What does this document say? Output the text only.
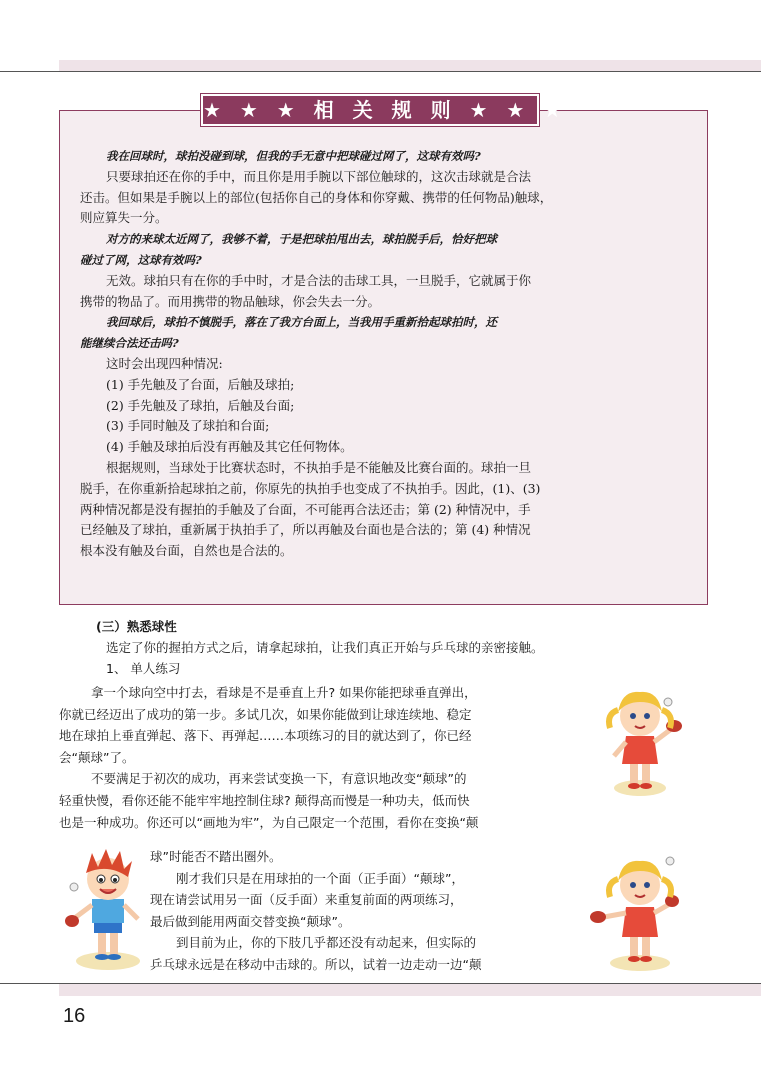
★ ★ ★ 相 关 规 则 ★ ★ ★
我在回球时，球拍没碰到球，但我的手无意中把球碰过网了，这球有效吗?
只要球拍还在你的手中，而且你是用手腕以下部位触球的，这次击球就是合法
还击。但如果是手腕以上的部位(包括你自己的身体和你穿戴、携带的任何物品)触球，
则应算失一分。
对方的来球太近网了，我够不着，于是把球拍甩出去，球拍脱手后，恰好把球
碰过了网，这球有效吗?
无效。球拍只有在你的手中时，才是合法的击球工具，一旦脱手，它就属于你
携带的物品了。而用携带的物品触球，你会失去一分。
我回球后，球拍不慎脱手，落在了我方台面上，当我用手重新拾起球拍时，还
能继续合法还击吗?
这时会出现四种情况:
(1) 手先触及了台面，后触及球拍;
(2) 手先触及了球拍，后触及台面;
(3) 手同时触及了球拍和台面;
(4) 手触及球拍后没有再触及其它任何物体。
根据规则，当球处于比赛状态时，不执拍手是不能触及比赛台面的。球拍一旦
脱手，在你重新拾起球拍之前，你原先的执拍手也变成了不执拍手。因此，(1)、(3)
两种情况都是没有握拍的手触及了台面，不可能再合法还击；第 (2) 种情况中，手
已经触及了球拍，重新属于执拍手了，所以再触及台面也是合法的；第 (4) 种情况
根本没有触及台面，自然也是合法的。
(三）熟悉球性
选定了你的握拍方式之后，请拿起球拍，让我们真正开始与乒乓球的亲密接触。
1、 单人练习
拿一个球向空中打去，看球是不是垂直上升? 如果你能把球垂直弹出，
你就已经迈出了成功的第一步。多试几次，如果你能做到让球连续地、稳定
地在球拍上垂直弹起、落下、再弹起……本项练习的目的就达到了，你已经
会“颠球”了。
不要满足于初次的成功，再来尝试变换一下，有意识地改变“颠球”的
轻重快慢，看你还能不能牢牢地控制住球? 颠得高而慢是一种功夫，低而快
也是一种成功。你还可以“画地为牢”，为自己限定一个范围，看你在变换“颠
球”时能否不踏出圈外。
刚才我们只是在用球拍的一个面（正手面）“颠球”，
现在请尝试用另一面（反手面）来重复前面的两项练习，
最后做到能用两面交替变换“颠球”。
到目前为止，你的下肢几乎都还没有动起来，但实际的
乒乓球永远是在移动中击球的。所以，试着一边走动一边“颠
16
